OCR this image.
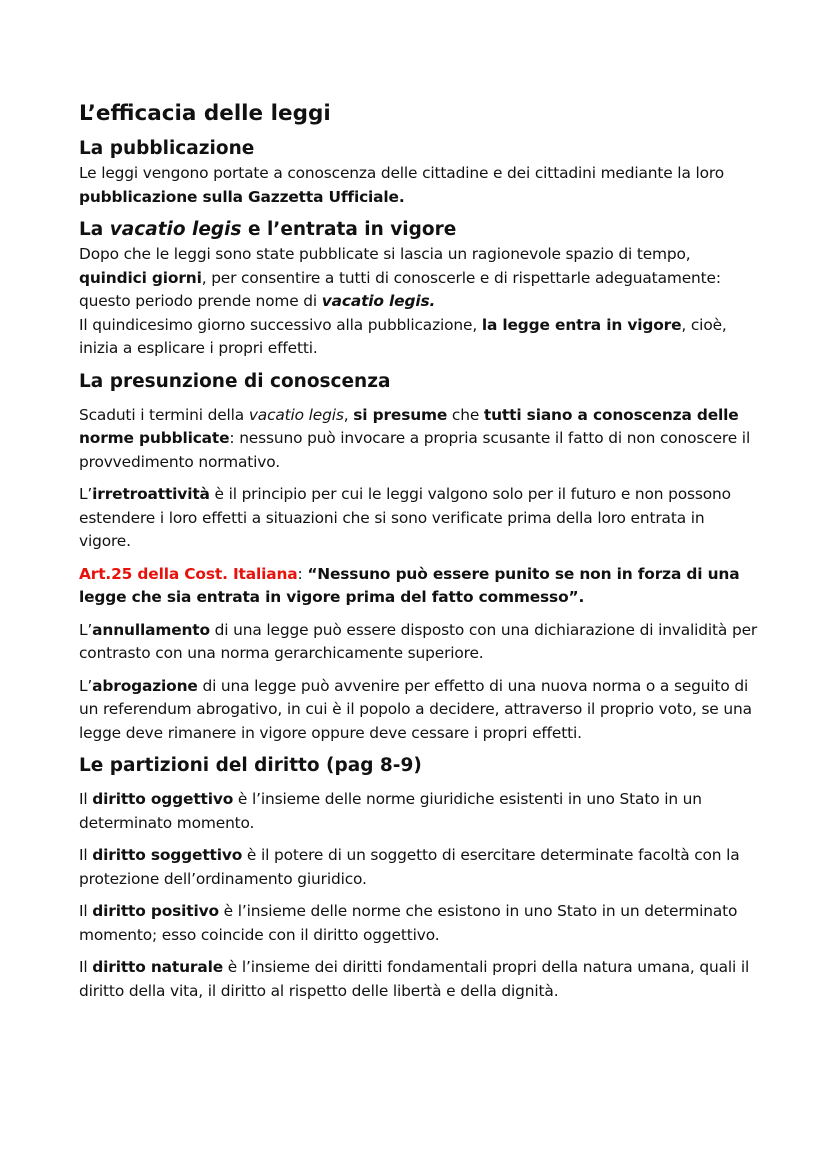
L’efficacia delle leggi
La pubblicazione

Le leggi vengono portate a conoscenza delle cittadine e dei cittadini mediante la loro pubblicazione sulla Gazzetta Ufficiale.

La vacatio legis e l’entrata in vigore

Dopo che le leggi sono state pubblicate si lascia un ragionevole spazio di tempo, quindici giorni, per consentire a tutti di conoscerle e di rispettarle adeguatamente: questo periodo prende nome di vacatio legis.

Il quindicesimo giorno successivo alla pubblicazione, la legge entra in vigore, cioè, inizia a esplicare i propri effetti.

La presunzione di conoscenza

Scaduti i termini della vacatio legis, si presume che tutti siano a conoscenza delle norme pubblicate: nessuno può invocare a propria scusante il fatto di non conoscere il provvedimento normativo.

L’irretroattività è il principio per cui le leggi valgono solo per il futuro e non possono estendere i loro effetti a situazioni che si sono verificate prima della loro entrata in vigore.

Art.25 della Cost. Italiana: “Nessuno può essere punito se non in forza di una legge che sia entrata in vigore prima del fatto commesso”.

L’annullamento di una legge può essere disposto con una dichiarazione di invalidità per contrasto con una norma gerarchicamente superiore.

L’abrogazione di una legge può avvenire per effetto di una nuova norma o a seguito di un referendum abrogativo, in cui è il popolo a decidere, attraverso il proprio voto, se una legge deve rimanere in vigore oppure deve cessare i propri effetti.

Le partizioni del diritto (pag 8-9)

Il diritto oggettivo è l’insieme delle norme giuridiche esistenti in uno Stato in un determinato momento.

Il diritto soggettivo è il potere di un soggetto di esercitare determinate facoltà con la protezione dell’ordinamento giuridico.

Il diritto positivo è l’insieme delle norme che esistono in uno Stato in un determinato momento; esso coincide con il diritto oggettivo.

Il diritto naturale è l’insieme dei diritti fondamentali propri della natura umana, quali il diritto della vita, il diritto al rispetto delle libertà e della dignità.
